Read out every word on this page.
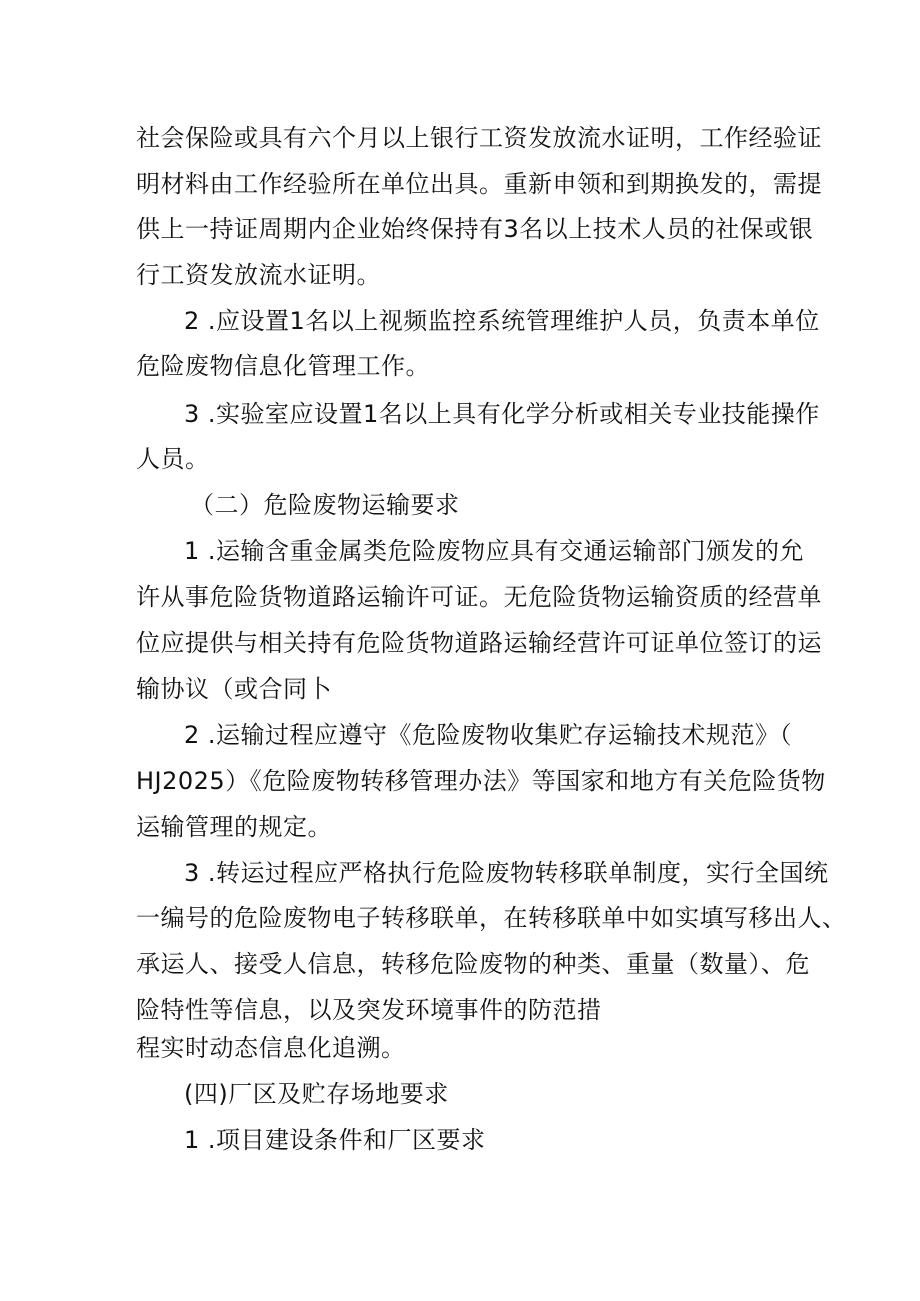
社会保险或具有六个月以上银行工资发放流水证明，工作经验证
明材料由工作经验所在单位出具。重新申领和到期换发的，需提
供上一持证周期内企业始终保持有3名以上技术人员的社保或银
行工资发放流水证明。
2 .应设置1名以上视频监控系统管理维护人员，负责本单位
危险废物信息化管理工作。
3 .实验室应设置1名以上具有化学分析或相关专业技能操作
人员。
（二）危险废物运输要求
1 .运输含重金属类危险废物应具有交通运输部门颁发的允
许从事危险货物道路运输许可证。无危险货物运输资质的经营单
位应提供与相关持有危险货物道路运输经营许可证单位签订的运
输协议（或合同卜
2 .运输过程应遵守《危险废物收集贮存运输技术规范》（
HJ2025）《危险废物转移管理办法》等国家和地方有关危险货物
运输管理的规定。
3 .转运过程应严格执行危险废物转移联单制度，实行全国统
一编号的危险废物电子转移联单，在转移联单中如实填写移出人、
承运人、接受人信息，转移危险废物的种类、重量（数量）、危
险特性等信息，以及突发环境事件的防范措
程实时动态信息化追溯。
(四)厂区及贮存场地要求
1 .项目建设条件和厂区要求
